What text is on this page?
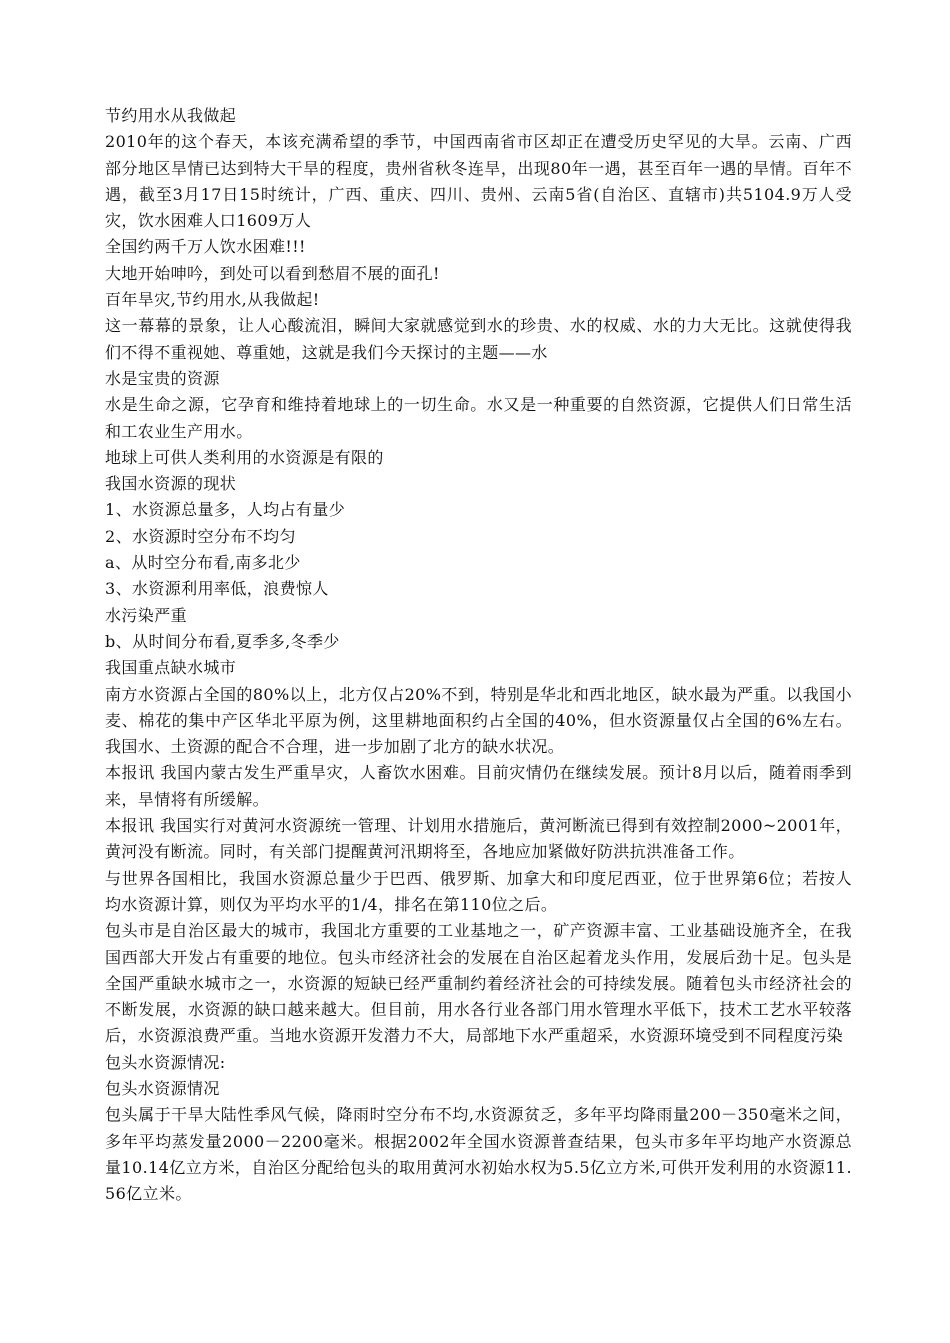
节约用水从我做起

2010年的这个春天，本该充满希望的季节，中国西南省市区却正在遭受历史罕见的大旱。云南、广西部分地区旱情已达到特大干旱的程度，贵州省秋冬连旱，出现80年一遇，甚至百年一遇的旱情。百年不遇，截至3月17日15时统计，广西、重庆、四川、贵州、云南5省(自治区、直辖市)共5104.9万人受灾，饮水困难人口1609万人

全国约两千万人饮水困难!!!

大地开始呻吟，到处可以看到愁眉不展的面孔!

百年旱灾,节约用水,从我做起!

这一幕幕的景象，让人心酸流泪，瞬间大家就感觉到水的珍贵、水的权威、水的力大无比。这就使得我们不得不重视她、尊重她，这就是我们今天探讨的主题——水

水是宝贵的资源

水是生命之源，它孕育和维持着地球上的一切生命。水又是一种重要的自然资源，它提供人们日常生活和工农业生产用水。

地球上可供人类利用的水资源是有限的

我国水资源的现状

1、水资源总量多，人均占有量少

2、水资源时空分布不均匀

a、从时空分布看,南多北少

3、水资源利用率低，浪费惊人

水污染严重

b、从时间分布看,夏季多,冬季少

我国重点缺水城市

南方水资源占全国的80%以上，北方仅占20%不到，特别是华北和西北地区，缺水最为严重。以我国小麦、棉花的集中产区华北平原为例，这里耕地面积约占全国的40%，但水资源量仅占全国的6%左右。我国水、土资源的配合不合理，进一步加剧了北方的缺水状况。

本报讯 我国内蒙古发生严重旱灾，人畜饮水困难。目前灾情仍在继续发展。预计8月以后，随着雨季到来，旱情将有所缓解。

本报讯 我国实行对黄河水资源统一管理、计划用水措施后，黄河断流已得到有效控制2000~2001年，黄河没有断流。同时，有关部门提醒黄河汛期将至，各地应加紧做好防洪抗洪准备工作。

与世界各国相比，我国水资源总量少于巴西、俄罗斯、加拿大和印度尼西亚，位于世界第6位；若按人均水资源计算，则仅为平均水平的1/4，排名在第110位之后。

包头市是自治区最大的城市，我国北方重要的工业基地之一，矿产资源丰富、工业基础设施齐全，在我国西部大开发占有重要的地位。包头市经济社会的发展在自治区起着龙头作用，发展后劲十足。包头是全国严重缺水城市之一，水资源的短缺已经严重制约着经济社会的可持续发展。随着包头市经济社会的不断发展，水资源的缺口越来越大。但目前，用水各行业各部门用水管理水平低下，技术工艺水平较落后，水资源浪费严重。当地水资源开发潜力不大，局部地下水严重超采，水资源环境受到不同程度污染

包头水资源情况:

包头水资源情况

包头属于干旱大陆性季风气候，降雨时空分布不均,水资源贫乏，多年平均降雨量200－350毫米之间，多年平均蒸发量2000－2200毫米。根据2002年全国水资源普查结果，包头市多年平均地产水资源总量10.14亿立方米，自治区分配给包头的取用黄河水初始水权为5.5亿立方米,可供开发利用的水资源11.56亿立米。
